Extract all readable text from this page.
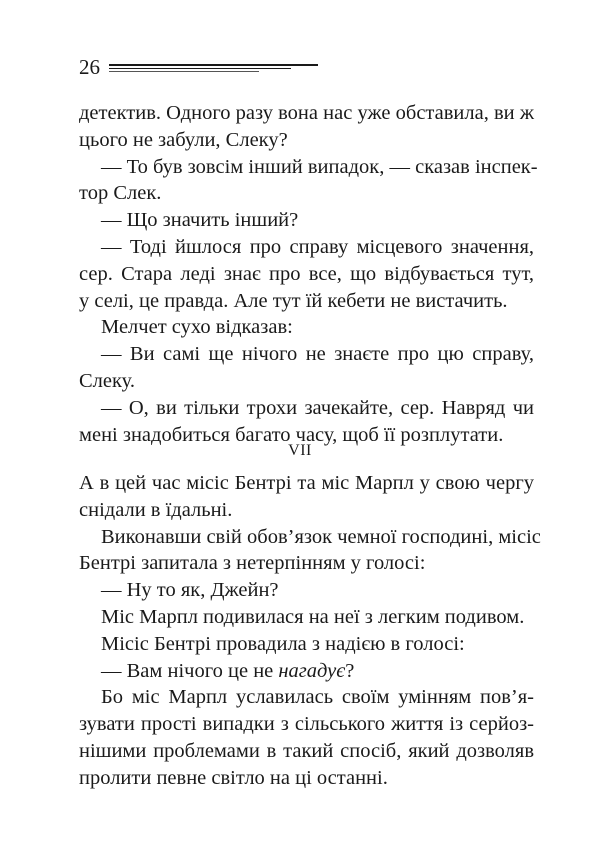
26
детектив. Одного разу вона нас уже обставила, ви ж
цього не забули, Слеку?
— То був зовсім інший випадок, — сказав інспек-
тор Слек.
— Що значить інший?
— Тоді йшлося про справу місцевого значення,
сер. Стара леді знає про все, що відбувається тут,
у селі, це правда. Але тут їй кебети не вистачить.
Мелчет сухо відказав:
— Ви самі ще нічого не знаєте про цю справу,
Слеку.
— О, ви тільки трохи зачекайте, сер. Навряд чи
мені знадобиться багато часу, щоб її розплутати.
VII
А в цей час місіс Бентрі та міс Марпл у свою чергу
снідали в їдальні.
Виконавши свій обов’язок чемної господині, місіс
Бентрі запитала з нетерпінням у голосі:
— Ну то як, Джейн?
Міс Марпл подивилася на неї з легким подивом.
Місіс Бентрі провадила з надією в голосі:
— Вам нічого це не нагадує?
Бо міс Марпл уславилась своїм умінням пов’я-
зувати прості випадки з сільського життя із серйоз-
нішими проблемами в такий спосіб, який дозволяв
пролити певне світло на ці останні.
